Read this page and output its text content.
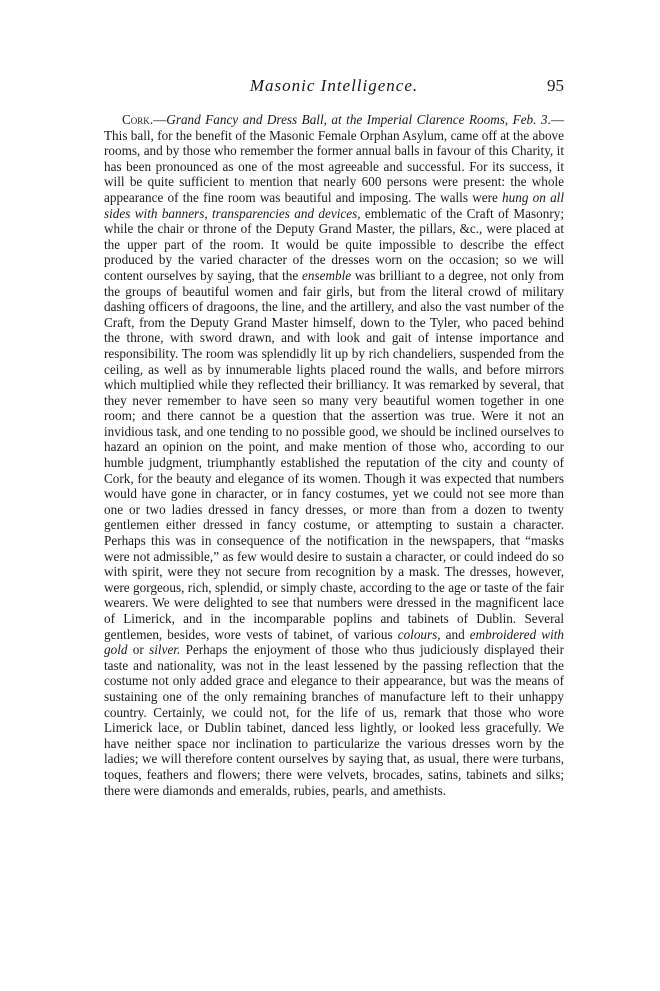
Masonic Intelligence.	95

Cork.—Grand Fancy and Dress Ball, at the Imperial Clarence Rooms, Feb. 3.—This ball, for the benefit of the Masonic Female Orphan Asylum, came off at the above rooms, and by those who remember the former annual balls in favour of this Charity, it has been pronounced as one of the most agreeable and successful. For its success, it will be quite sufficient to mention that nearly 600 persons were present: the whole appearance of the fine room was beautiful and imposing. The walls were hung on all sides with banners, transparencies and devices, emblematic of the Craft of Masonry; while the chair or throne of the Deputy Grand Master, the pillars, &c., were placed at the upper part of the room. It would be quite impossible to describe the effect produced by the varied character of the dresses worn on the occasion; so we will content ourselves by saying, that the ensemble was brilliant to a degree, not only from the groups of beautiful women and fair girls, but from the literal crowd of military dashing officers of dragoons, the line, and the artillery, and also the vast number of the Craft, from the Deputy Grand Master himself, down to the Tyler, who paced behind the throne, with sword drawn, and with look and gait of intense importance and responsibility. The room was splendidly lit up by rich chandeliers, suspended from the ceiling, as well as by innumerable lights placed round the walls, and before mirrors which multiplied while they reflected their brilliancy. It was remarked by several, that they never remember to have seen so many very beautiful women together in one room; and there cannot be a question that the assertion was true. Were it not an invidious task, and one tending to no possible good, we should be inclined ourselves to hazard an opinion on the point, and make mention of those who, according to our humble judgment, triumphantly established the reputation of the city and county of Cork, for the beauty and elegance of its women. Though it was expected that numbers would have gone in character, or in fancy costumes, yet we could not see more than one or two ladies dressed in fancy dresses, or more than from a dozen to twenty gentlemen either dressed in fancy costume, or attempting to sustain a character. Perhaps this was in consequence of the notification in the newspapers, that “masks were not admissible,” as few would desire to sustain a character, or could indeed do so with spirit, were they not secure from recognition by a mask. The dresses, however, were gorgeous, rich, splendid, or simply chaste, according to the age or taste of the fair wearers. We were delighted to see that numbers were dressed in the magnificent lace of Limerick, and in the incomparable poplins and tabinets of Dublin. Several gentlemen, besides, wore vests of tabinet, of various colours, and embroidered with gold or silver. Perhaps the enjoyment of those who thus judiciously displayed their taste and nationality, was not in the least lessened by the passing reflection that the costume not only added grace and elegance to their appearance, but was the means of sustaining one of the only remaining branches of manufacture left to their unhappy country. Certainly, we could not, for the life of us, remark that those who wore Limerick lace, or Dublin tabinet, danced less lightly, or looked less gracefully. We have neither space nor inclination to particularize the various dresses worn by the ladies; we will therefore content ourselves by saying that, as usual, there were turbans, toques, feathers and flowers; there were velvets, brocades, satins, tabinets and silks; there were diamonds and emeralds, rubies, pearls, and amethists.
